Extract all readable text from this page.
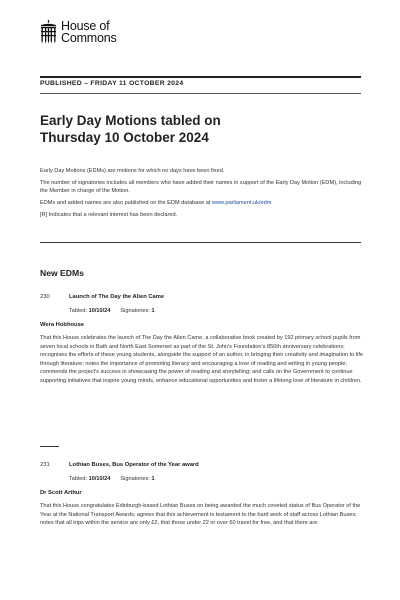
House of
Commons
PUBLISHED – FRIDAY 11 OCTOBER 2024
Early Day Motions tabled on
Thursday 10 October 2024

Early Day Motions (EDMs) are motions for which no days have been fixed.

The number of signatories includes all members who have added their names in support of the Early Day Motion (EDM), including the Member in charge of the Motion.

EDMs and added names are also published on the EDM database at www.parliament.uk/edm

[R] Indicates that a relevant interest has been declared.

New EDMs
230	Launch of The Day the Alien Came
Tabled: 10/10/24 Signatories: 1
Wera Hobhouse
That this House celebrates the launch of The Day the Alien Came, a collaborative book created by 192 primary school pupils from seven local schools in Bath and North East Somerset as part of the St. John's Foundation's 850th anniversary celebrations; recognises the efforts of these young students, alongside the support of an author, in bringing their creativity and imagination to life through literature; notes the importance of promoting literacy and encouraging a love of reading and writing in young people; commends the project's success in showcasing the power of reading and storytelling; and calls on the Government to continue supporting initiatives that inspire young minds, enhance educational opportunities and foster a lifelong love of literature in children.
231	Lothian Buses, Bus Operator of the Year award
Tabled: 10/10/24 Signatories: 1
Dr Scott Arthur
That this House congratulates Edinburgh-based Lothian Buses on being awarded the much coveted status of Bus Operator of the Year at the National Transport Awards; agrees that this achievement is testament to the hard work of staff across Lothian Buses; notes that all trips within the service are only £2, that those under 22 or over 60 travel for free, and that there are
